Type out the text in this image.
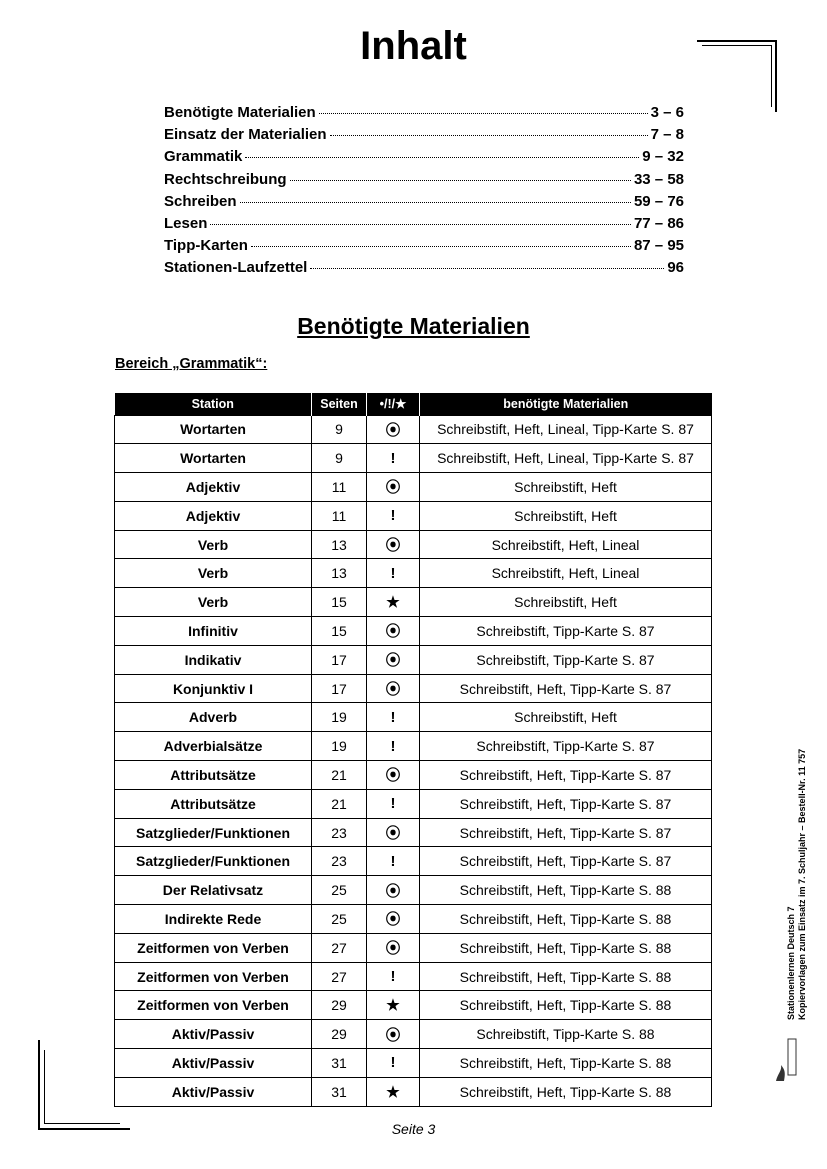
Inhalt
Benötigte Materialien	3 – 6
Einsatz der Materialien	7 – 8
Grammatik	9 – 32
Rechtschreibung	33 – 58
Schreiben	59 – 76
Lesen	77 – 86
Tipp-Karten	87 – 95
Stationen-Laufzettel	96
Benötigte Materialien
Bereich „Grammatik“:
Station	Seiten	•/!/★	benötigte Materialien
Wortarten	9	⦿	Schreibstift, Heft, Lineal, Tipp-Karte S. 87
Wortarten	9	!	Schreibstift, Heft, Lineal, Tipp-Karte S. 87
Adjektiv	11	⦿	Schreibstift, Heft
Adjektiv	11	!	Schreibstift, Heft
Verb	13	⦿	Schreibstift, Heft, Lineal
Verb	13	!	Schreibstift, Heft, Lineal
Verb	15	★	Schreibstift, Heft
Infinitiv	15	⦿	Schreibstift, Tipp-Karte S. 87
Indikativ	17	⦿	Schreibstift, Tipp-Karte S. 87
Konjunktiv I	17	⦿	Schreibstift, Heft, Tipp-Karte S. 87
Adverb	19	!	Schreibstift, Heft
Adverbialsätze	19	!	Schreibstift, Tipp-Karte S. 87
Attributsätze	21	⦿	Schreibstift, Heft, Tipp-Karte S. 87
Attributsätze	21	!	Schreibstift, Heft, Tipp-Karte S. 87
Satzglieder/Funktionen	23	⦿	Schreibstift, Heft, Tipp-Karte S. 87
Satzglieder/Funktionen	23	!	Schreibstift, Heft, Tipp-Karte S. 87
Der Relativsatz	25	⦿	Schreibstift, Heft, Tipp-Karte S. 88
Indirekte Rede	25	⦿	Schreibstift, Heft, Tipp-Karte S. 88
Zeitformen von Verben	27	⦿	Schreibstift, Heft, Tipp-Karte S. 88
Zeitformen von Verben	27	!	Schreibstift, Heft, Tipp-Karte S. 88
Zeitformen von Verben	29	★	Schreibstift, Heft, Tipp-Karte S. 88
Aktiv/Passiv	29	⦿	Schreibstift, Tipp-Karte S. 88
Aktiv/Passiv	31	!	Schreibstift, Heft, Tipp-Karte S. 88
Aktiv/Passiv	31	★	Schreibstift, Heft, Tipp-Karte S. 88
Seite 3
Stationenlernen Deutsch 7 Kopiervorlagen zum Einsatz im 7. Schuljahr – Bestell-Nr. 11 757
